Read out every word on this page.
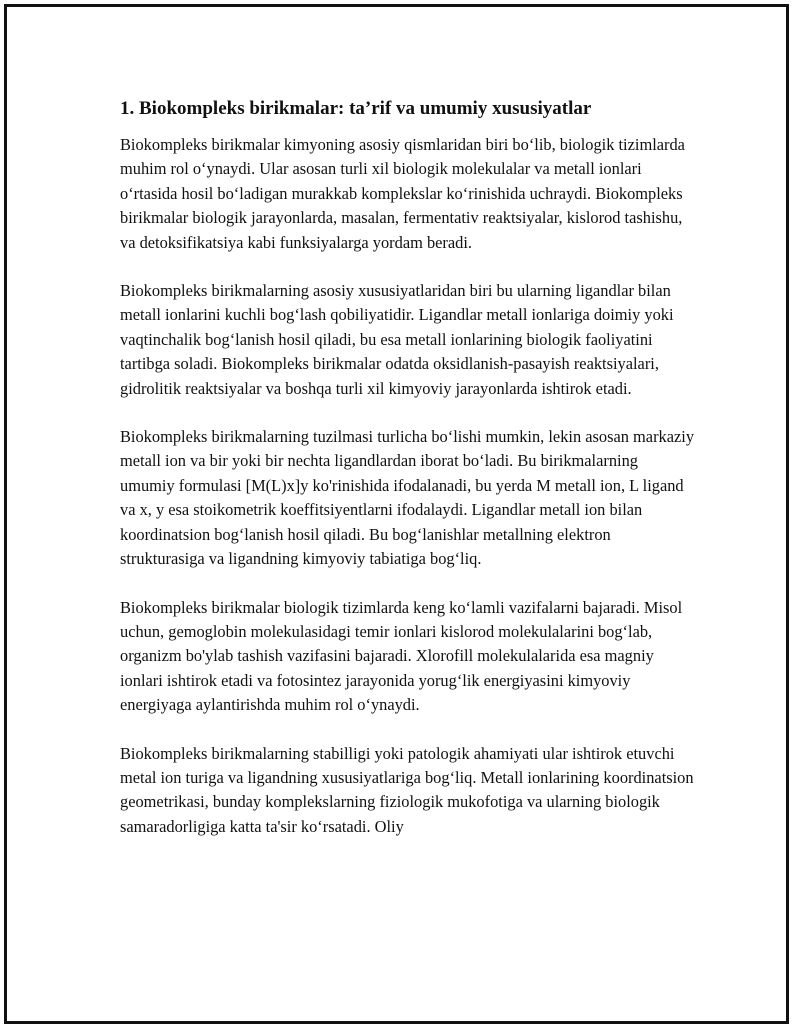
1. Biokompleks birikmalar: ta’rif va umumiy xususiyatlar

Biokompleks birikmalar kimyoning asosiy qismlaridan biri bo‘lib, biologik tizimlarda muhim rol o‘ynaydi. Ular asosan turli xil biologik molekulalar va metall ionlari o‘rtasida hosil bo‘ladigan murakkab komplekslar ko‘rinishida uchraydi. Biokompleks birikmalar biologik jarayonlarda, masalan, fermentativ reaktsiyalar, kislorod tashishu, va detoksifikatsiya kabi funksiyalarga yordam beradi.

Biokompleks birikmalarning asosiy xususiyatlaridan biri bu ularning ligandlar bilan metall ionlarini kuchli bog‘lash qobiliyatidir. Ligandlar metall ionlariga doimiy yoki vaqtinchalik bog‘lanish hosil qiladi, bu esa metall ionlarining biologik faoliyatini tartibga soladi. Biokompleks birikmalar odatda oksidlanish-pasayish reaktsiyalari, gidrolitik reaktsiyalar va boshqa turli xil kimyoviy jarayonlarda ishtirok etadi.

Biokompleks birikmalarning tuzilmasi turlicha bo‘lishi mumkin, lekin asosan markaziy metall ion va bir yoki bir nechta ligandlardan iborat bo‘ladi. Bu birikmalarning umumiy formulasi [M(L)x]y ko'rinishida ifodalanadi, bu yerda M metall ion, L ligand va x, y esa stoikometrik koeffitsiyentlarni ifodalaydi. Ligandlar metall ion bilan koordinatsion bog‘lanish hosil qiladi. Bu bog‘lanishlar metallning elektron strukturasiga va ligandning kimyoviy tabiatiga bog‘liq.

Biokompleks birikmalar biologik tizimlarda keng ko‘lamli vazifalarni bajaradi. Misol uchun, gemoglobin molekulasidagi temir ionlari kislorod molekulalarini bog‘lab, organizm bo'ylab tashish vazifasini bajaradi. Xlorofill molekulalarida esa magniy ionlari ishtirok etadi va fotosintez jarayonida yorug‘lik energiyasini kimyoviy energiyaga aylantirishda muhim rol o‘ynaydi.

Biokompleks birikmalarning stabilligi yoki patologik ahamiyati ular ishtirok etuvchi metal ion turiga va ligandning xususiyatlariga bog‘liq. Metall ionlarining koordinatsion geometrikasi, bunday komplekslarning fiziologik mukofotiga va ularning biologik samaradorligiga katta ta'sir ko‘rsatadi. Oliy
